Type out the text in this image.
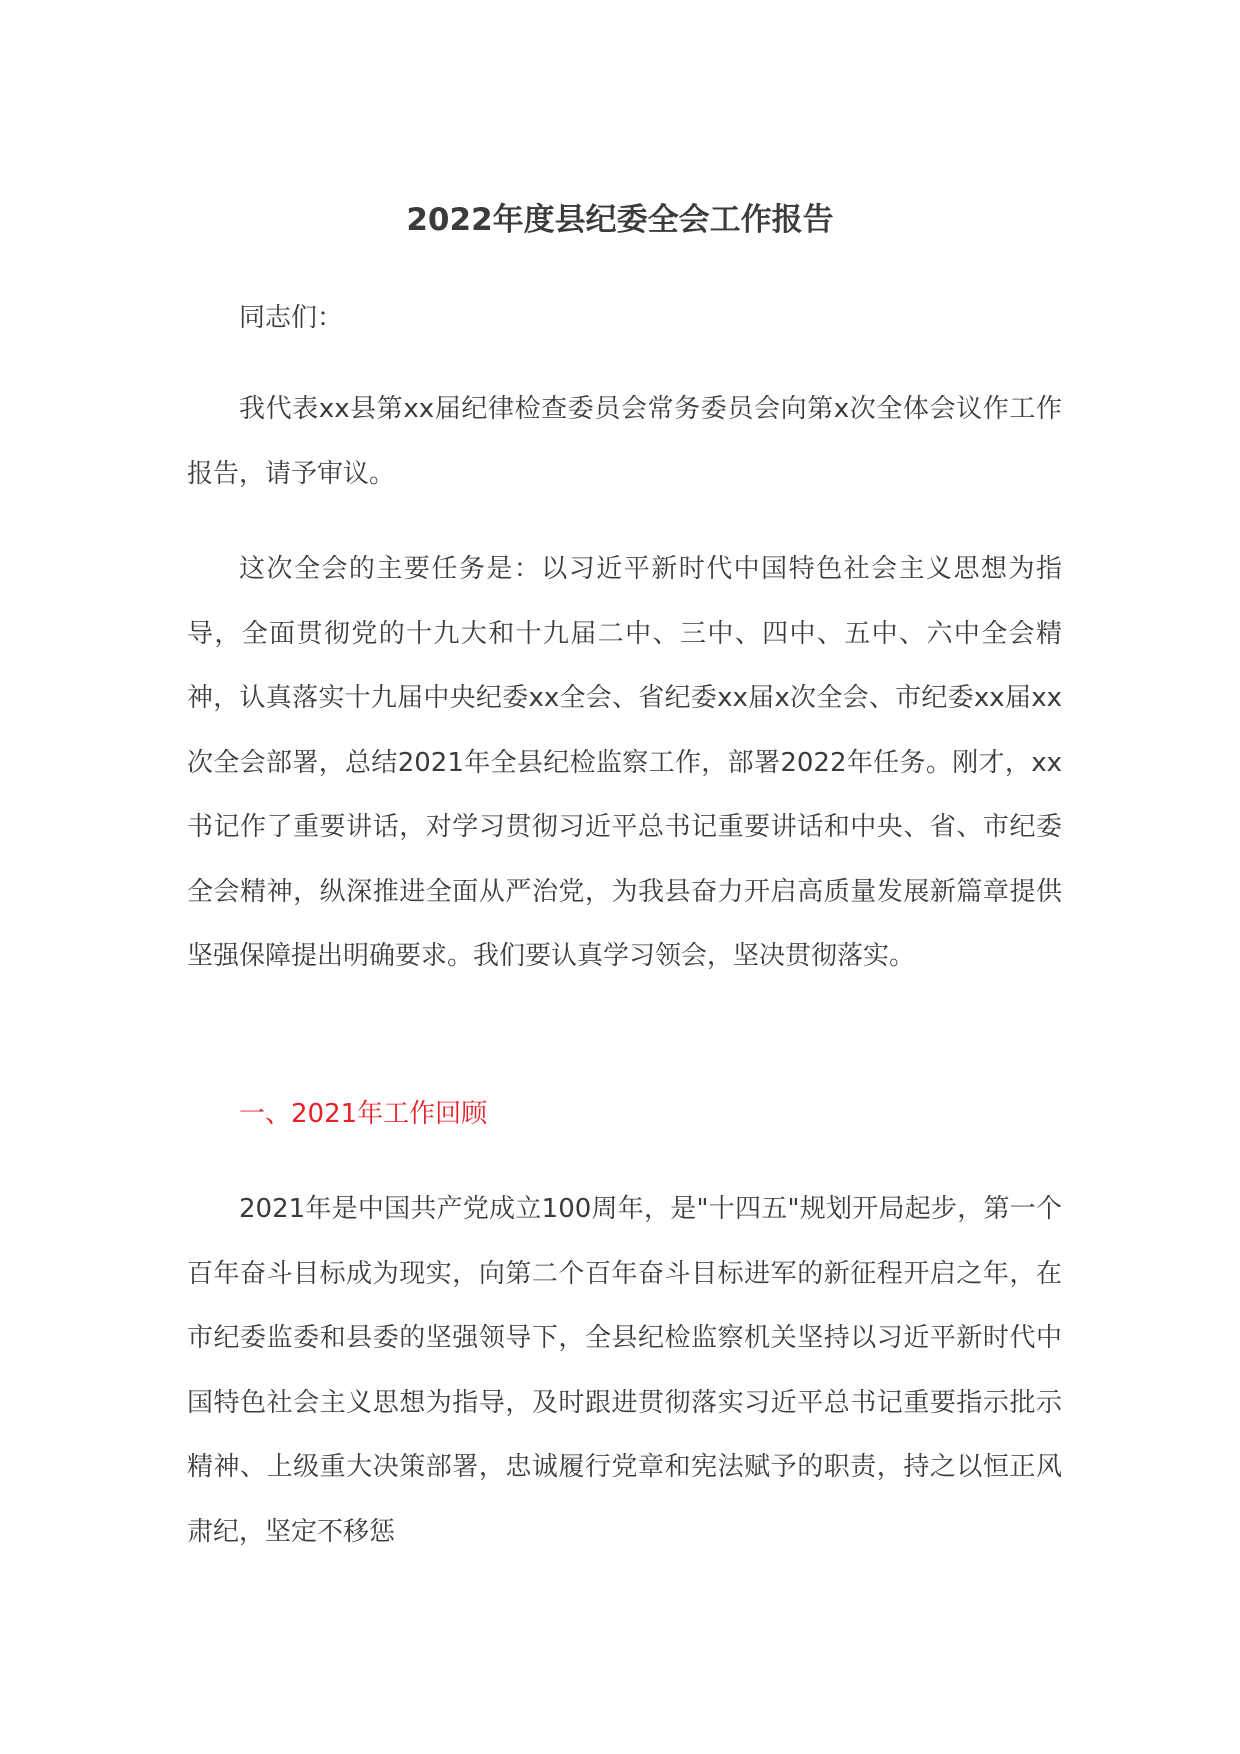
2022年度县纪委全会工作报告
同志们：
我代表xx县第xx届纪律检查委员会常务委员会向第x次全体会议作工作报告，请予审议。
这次全会的主要任务是：以习近平新时代中国特色社会主义思想为指导，全面贯彻党的十九大和十九届二中、三中、四中、五中、六中全会精神，认真落实十九届中央纪委xx全会、省纪委xx届x次全会、市纪委xx届xx次全会部署，总结2021年全县纪检监察工作，部署2022年任务。刚才，xx书记作了重要讲话，对学习贯彻习近平总书记重要讲话和中央、省、市纪委全会精神，纵深推进全面从严治党，为我县奋力开启高质量发展新篇章提供坚强保障提出明确要求。我们要认真学习领会，坚决贯彻落实。
一、2021年工作回顾
2021年是中国共产党成立100周年，是"十四五"规划开局起步，第一个百年奋斗目标成为现实，向第二个百年奋斗目标进军的新征程开启之年，在市纪委监委和县委的坚强领导下，全县纪检监察机关坚持以习近平新时代中国特色社会主义思想为指导，及时跟进贯彻落实习近平总书记重要指示批示精神、上级重大决策部署，忠诚履行党章和宪法赋予的职责，持之以恒正风肃纪，坚定不移惩
